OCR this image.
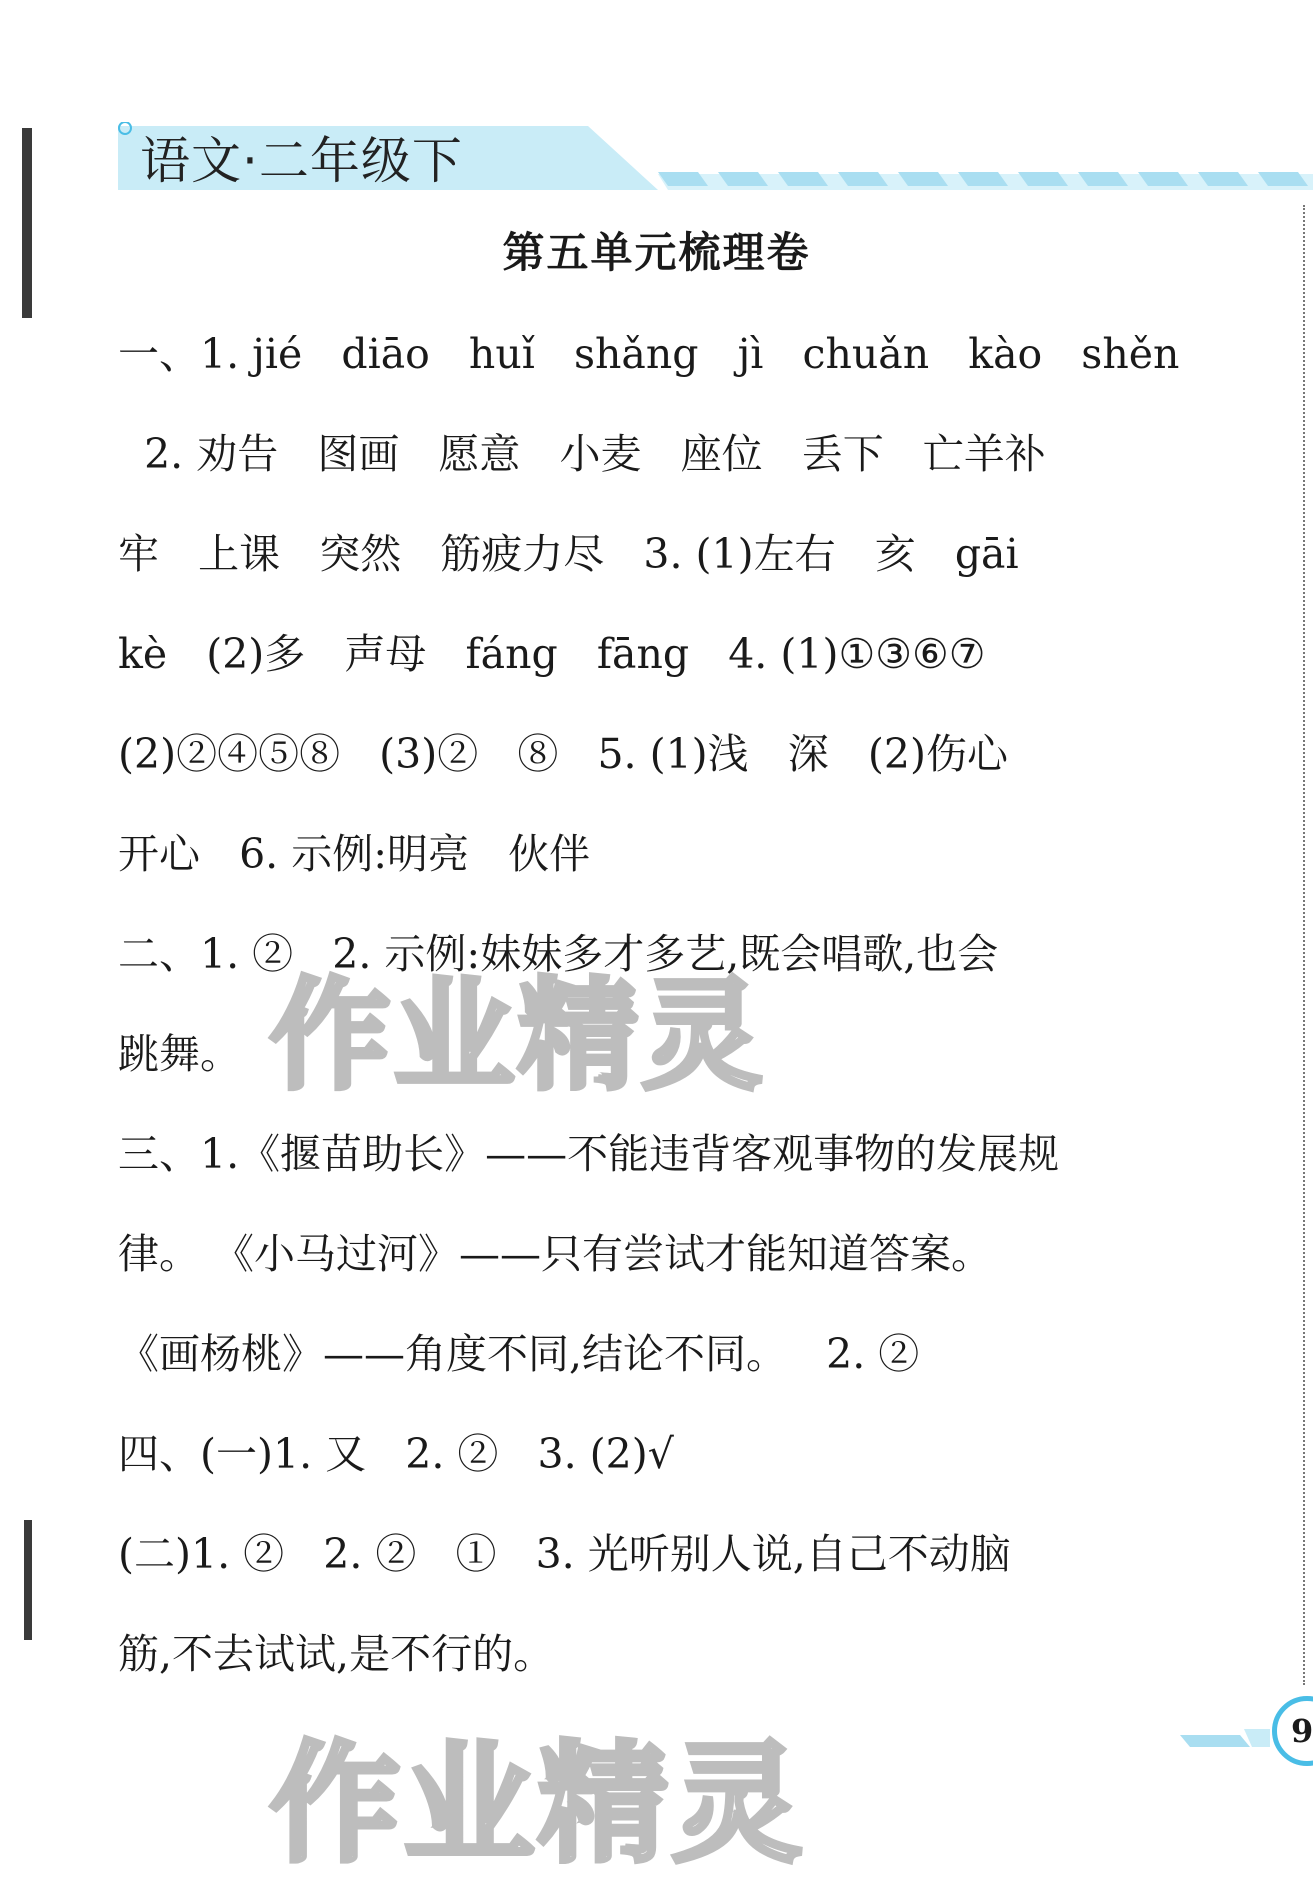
语文·二年级下
第五单元梳理卷
一、1. jié   diāo   huǐ   shǎng   jì   chuǎn   kào   shěn
2. 劝告   图画   愿意   小麦   座位   丢下   亡羊补
牢   上课   突然   筋疲力尽   3. (1)左右   亥   gāi
kè   (2)多   声母   fáng   fāng   4. (1)①③⑥⑦
(2)②④⑤⑧   (3)②   ⑧   5. (1)浅   深   (2)伤心
开心   6. 示例:明亮   伙伴
二、1. ②   2. 示例:妹妹多才多艺,既会唱歌,也会
跳舞。
三、1.《揠苗助长》——不能违背客观事物的发展规
律。 《小马过河》——只有尝试才能知道答案。
《画杨桃》——角度不同,结论不同。   2. ②
四、(一)1. 又   2. ②   3. (2)√
(二)1. ②   2. ②   ①   3. 光听别人说,自己不动脑
筋,不去试试,是不行的。
作业精灵
作业精灵	9
